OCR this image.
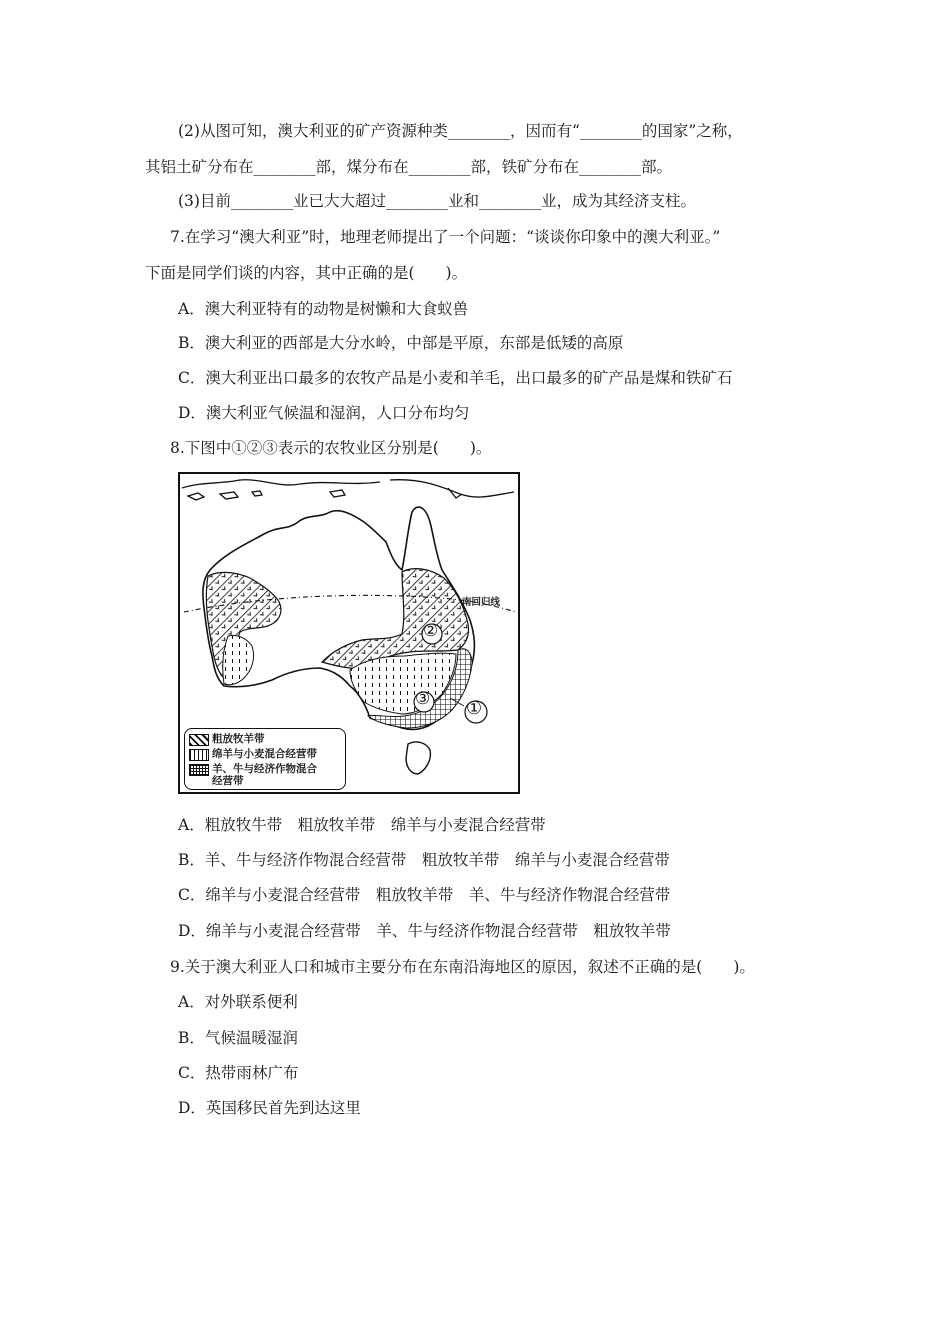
(2)从图可知，澳大利亚的矿产资源种类________，因而有“________的国家”之称，
其铝土矿分布在________部，煤分布在________部，铁矿分布在________部。
(3)目前________业已大大超过________业和________业，成为其经济支柱。
7.在学习“澳大利亚”时，地理老师提出了一个问题：“谈谈你印象中的澳大利亚。”
下面是同学们谈的内容，其中正确的是(　　)。
A．澳大利亚特有的动物是树懒和大食蚁兽
B．澳大利亚的西部是大分水岭，中部是平原，东部是低矮的高原
C．澳大利亚出口最多的农牧产品是小麦和羊毛，出口最多的矿产品是煤和铁矿石
D．澳大利亚气候温和湿润，人口分布均匀
8.下图中①②③表示的农牧业区分别是(　　)。
南回归线
②
③ ①
粗放牧羊带
绵羊与小麦混合经营带
羊、牛与经济作物混合
经营带
A．粗放牧牛带　粗放牧羊带　绵羊与小麦混合经营带
B．羊、牛与经济作物混合经营带　粗放牧羊带　绵羊与小麦混合经营带
C．绵羊与小麦混合经营带　粗放牧羊带　羊、牛与经济作物混合经营带
D．绵羊与小麦混合经营带　羊、牛与经济作物混合经营带　粗放牧羊带
9.关于澳大利亚人口和城市主要分布在东南沿海地区的原因，叙述不正确的是(　　)。
A．对外联系便利
B．气候温暖湿润
C．热带雨林广布
D．英国移民首先到达这里
